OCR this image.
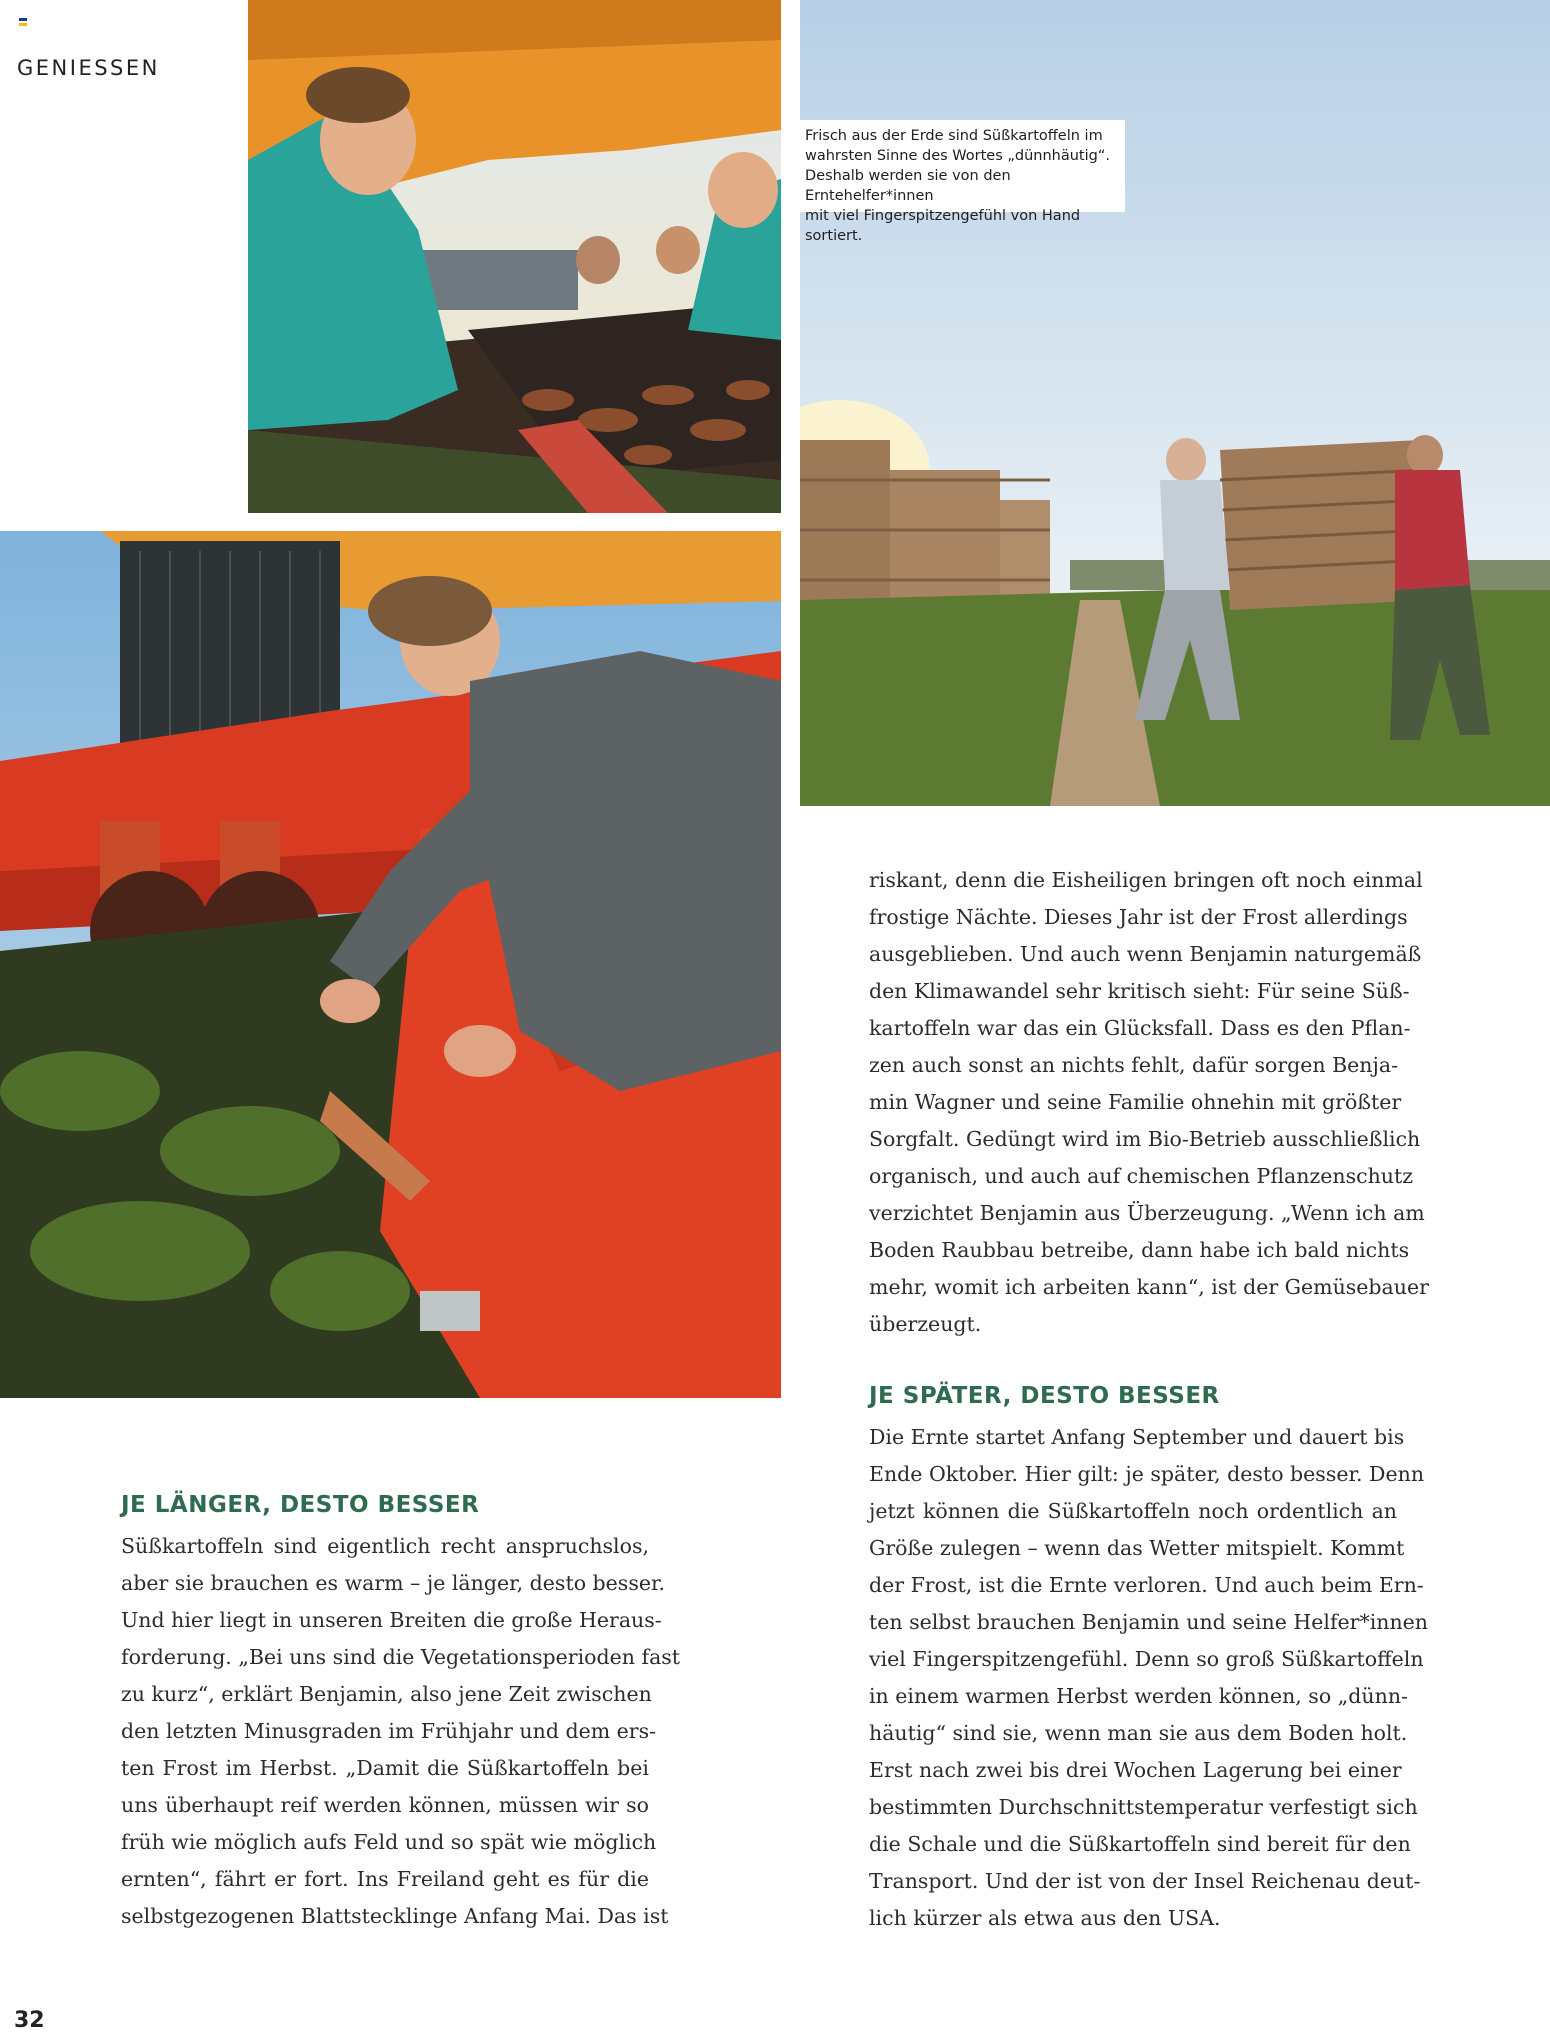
GENIESSEN
Frisch aus der Erde sind Süßkartoffeln im
wahrsten Sinne des Wortes „dünnhäutig“.
Deshalb werden sie von den Erntehelfer*innen
mit viel Fingerspitzengefühl von Hand sortiert.

riskant, denn die Eisheiligen bringen oft noch einmal
frostige Nächte. Dieses Jahr ist der Frost allerdings
ausgeblieben. Und auch wenn Benjamin naturgemäß
den Klimawandel sehr kritisch sieht: Für seine Süß-
kartoffeln war das ein Glücksfall. Dass es den Pflan-
zen auch sonst an nichts fehlt, dafür sorgen Benja-
min Wagner und seine Familie ohnehin mit größter
Sorgfalt. Gedüngt wird im Bio-Betrieb ausschließlich
organisch, und auch auf chemischen Pflanzenschutz
verzichtet Benjamin aus Überzeugung. „Wenn ich am
Boden Raubbau betreibe, dann habe ich bald nichts
mehr, womit ich arbeiten kann“, ist der Gemüsebauer
überzeugt.

JE SPÄTER, DESTO BESSER

Die Ernte startet Anfang September und dauert bis
Ende Oktober. Hier gilt: je später, desto besser. Denn
jetzt können die Süßkartoffeln noch ordentlich an
Größe zulegen – wenn das Wetter mitspielt. Kommt
der Frost, ist die Ernte verloren. Und auch beim Ern-
ten selbst brauchen Benjamin und seine Helfer*innen
viel Fingerspitzengefühl. Denn so groß Süßkartoffeln
in einem warmen Herbst werden können, so „dünn-
häutig“ sind sie, wenn man sie aus dem Boden holt.
Erst nach zwei bis drei Wochen Lagerung bei einer
bestimmten Durchschnittstemperatur verfestigt sich
die Schale und die Süßkartoffeln sind bereit für den
Transport. Und der ist von der Insel Reichenau deut-
lich kürzer als etwa aus den USA.

JE LÄNGER, DESTO BESSER

Süßkartoffeln sind eigentlich recht anspruchslos,
aber sie brauchen es warm – je länger, desto besser.
Und hier liegt in unseren Breiten die große Heraus-
forderung. „Bei uns sind die Vegetationsperioden fast
zu kurz“, erklärt Benjamin, also jene Zeit zwischen
den letzten Minusgraden im Frühjahr und dem ers-
ten Frost im Herbst. „Damit die Süßkartoffeln bei
uns überhaupt reif werden können, müssen wir so
früh wie möglich aufs Feld und so spät wie möglich
ernten“, fährt er fort. Ins Freiland geht es für die
selbstgezogenen Blattstecklinge Anfang Mai. Das ist

32
